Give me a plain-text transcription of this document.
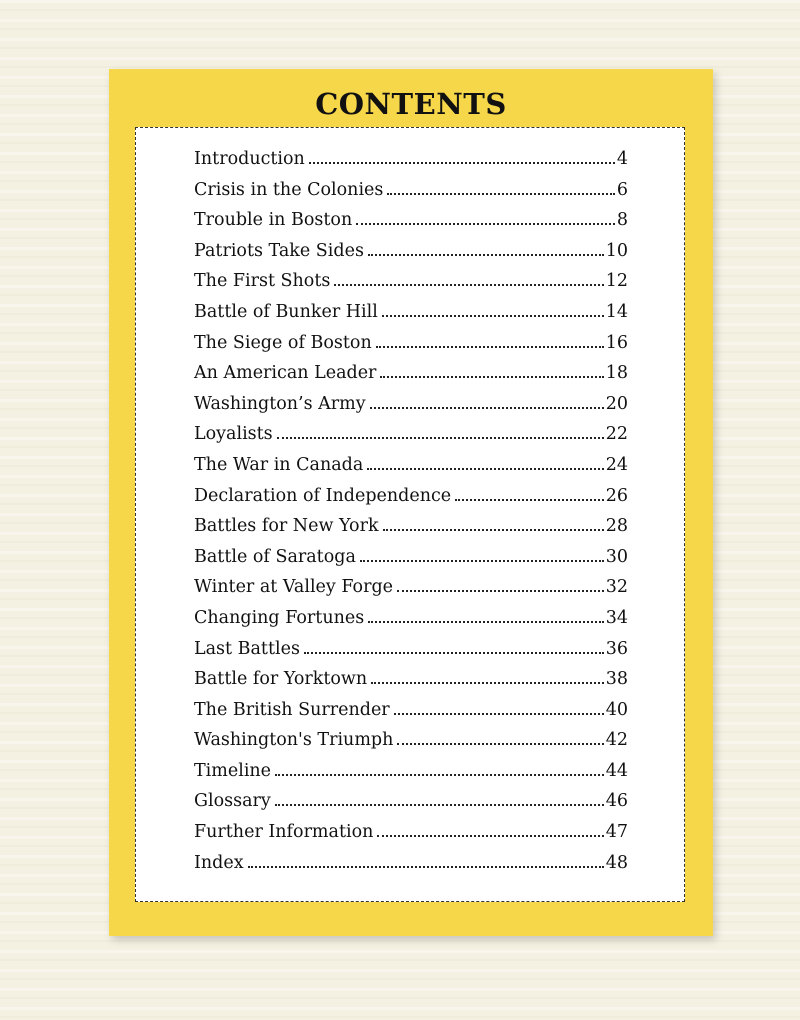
CONTENTS
Introduction	4
Crisis in the Colonies	6
Trouble in Boston	8
Patriots Take Sides	10
The First Shots	12
Battle of Bunker Hill	14
The Siege of Boston	16
An American Leader	18
Washington’s Army	20
Loyalists	22
The War in Canada	24
Declaration of Independence	26
Battles for New York	28
Battle of Saratoga	30
Winter at Valley Forge	32
Changing Fortunes	34
Last Battles	36
Battle for Yorktown	38
The British Surrender	40
Washington's Triumph	42
Timeline	44
Glossary	46
Further Information	47
Index	48
